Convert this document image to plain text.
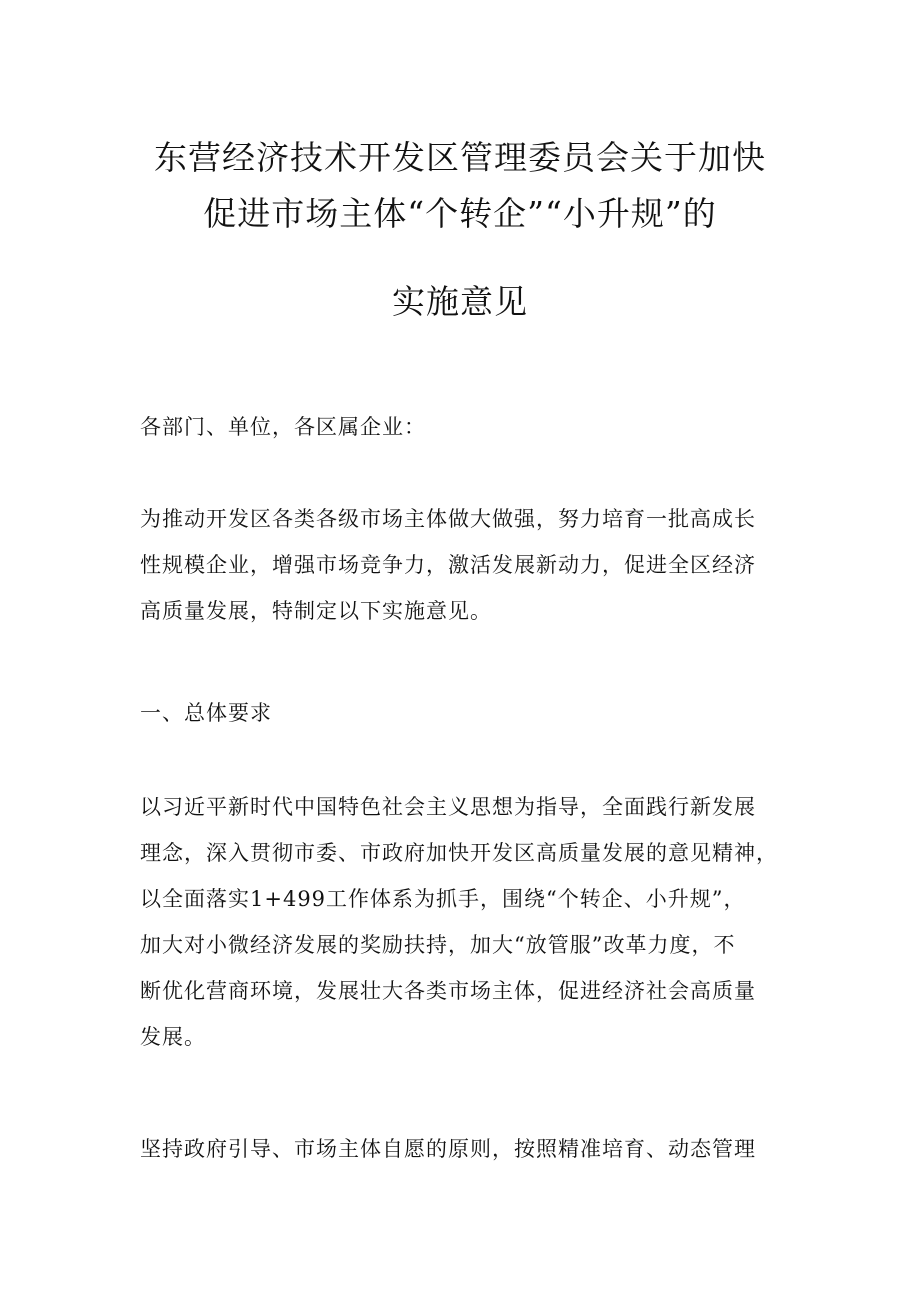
东营经济技术开发区管理委员会关于加快
促进市场主体“个转企”“小升规”的
实施意见
各部门、单位，各区属企业：
为推动开发区各类各级市场主体做大做强，努力培育一批高成长
性规模企业，增强市场竞争力，激活发展新动力，促进全区经济
高质量发展，特制定以下实施意见。
一、总体要求
以习近平新时代中国特色社会主义思想为指导，全面践行新发展
理念，深入贯彻市委、市政府加快开发区高质量发展的意见精神，
以全面落实1+499工作体系为抓手，围绕“个转企、小升规”，
加大对小微经济发展的奖励扶持，加大“放管服”改革力度，不
断优化营商环境，发展壮大各类市场主体，促进经济社会高质量
发展。
坚持政府引导、市场主体自愿的原则，按照精准培育、动态管理
